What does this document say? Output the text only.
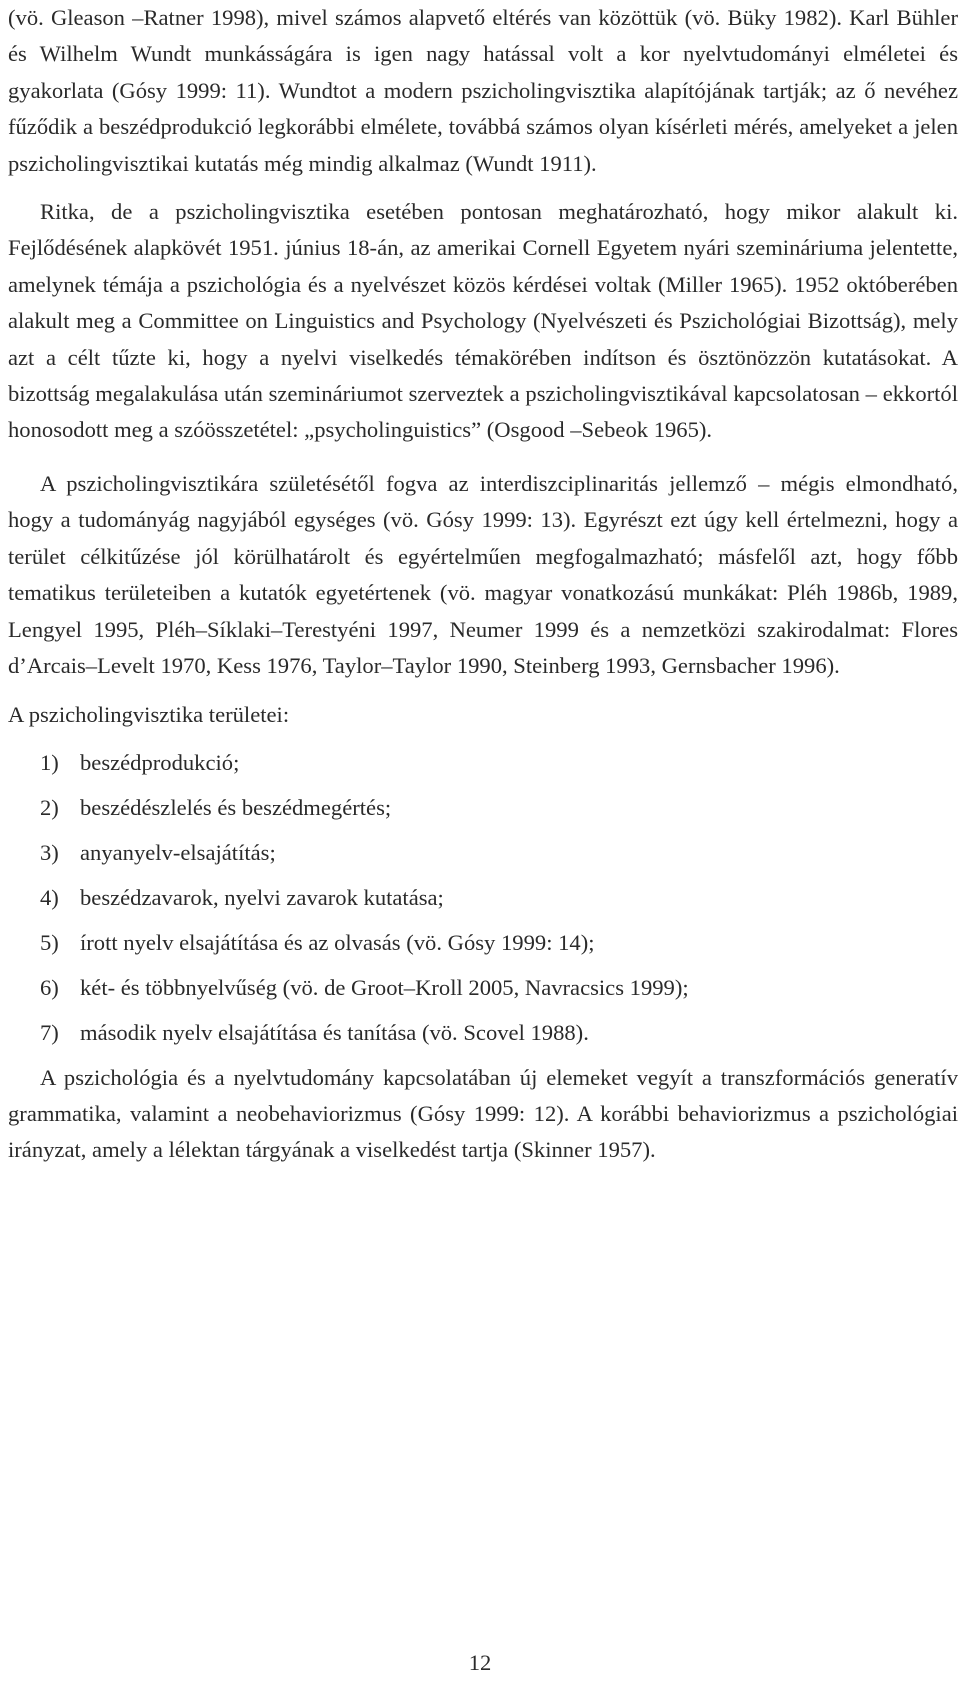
(vö. Gleason –Ratner 1998), mivel számos alapvető eltérés van közöttük (vö. Büky 1982). Karl Bühler és Wilhelm Wundt munkásságára is igen nagy hatással volt a kor nyelvtudományi elméletei és gyakorlata (Gósy 1999: 11). Wundtot a modern pszicholingvisztika alapítójának tartják; az ő nevéhez fűződik a beszédprodukció legkorábbi elmélete, továbbá számos olyan kísérleti mérés, amelyeket a jelen pszicholingvisztikai kutatás még mindig alkalmaz (Wundt 1911).

Ritka, de a pszicholingvisztika esetében pontosan meghatározható, hogy mikor alakult ki. Fejlődésének alapkövét 1951. június 18-án, az amerikai Cornell Egyetem nyári szemináriuma jelentette, amelynek témája a pszichológia és a nyelvészet közös kérdései voltak (Miller 1965). 1952 októberében alakult meg a Committee on Linguistics and Psychology (Nyelvészeti és Pszichológiai Bizottság), mely azt a célt tűzte ki, hogy a nyelvi viselkedés témakörében indítson és ösztönözzön kutatásokat. A bizottság megalakulása után szemináriumot szerveztek a pszicholingvisztikával kapcsolatosan – ekkortól honosodott meg a szóösszetétel: „psycholinguistics” (Osgood –Sebeok 1965).

A pszicholingvisztikára születésétől fogva az interdiszciplinaritás jellemző – mégis elmondható, hogy a tudományág nagyjából egységes (vö. Gósy 1999: 13). Egyrészt ezt úgy kell értelmezni, hogy a terület célkitűzése jól körülhatárolt és egyértelműen megfogalmazható; másfelől azt, hogy főbb tematikus területeiben a kutatók egyetértenek (vö. magyar vonatkozású munkákat: Pléh 1986b, 1989, Lengyel 1995, Pléh–Síklaki–Terestyéni 1997, Neumer 1999 és a nemzetközi szakirodalmat: Flores d’Arcais–Levelt 1970, Kess 1976, Taylor–Taylor 1990, Steinberg 1993, Gernsbacher 1996).

A pszicholingvisztika területei:

1) beszédprodukció;
2) beszédészlelés és beszédmegértés;
3) anyanyelv-elsajátítás;
4) beszédzavarok, nyelvi zavarok kutatása;
5) írott nyelv elsajátítása és az olvasás (vö. Gósy 1999: 14);
6) két- és többnyelvűség (vö. de Groot–Kroll 2005, Navracsics 1999);
7) második nyelv elsajátítása és tanítása (vö. Scovel 1988).

A pszichológia és a nyelvtudomány kapcsolatában új elemeket vegyít a transzformációs generatív grammatika, valamint a neobehaviorizmus (Gósy 1999: 12). A korábbi behaviorizmus a pszichológiai irányzat, amely a lélektan tárgyának a viselkedést tartja (Skinner 1957).

12
